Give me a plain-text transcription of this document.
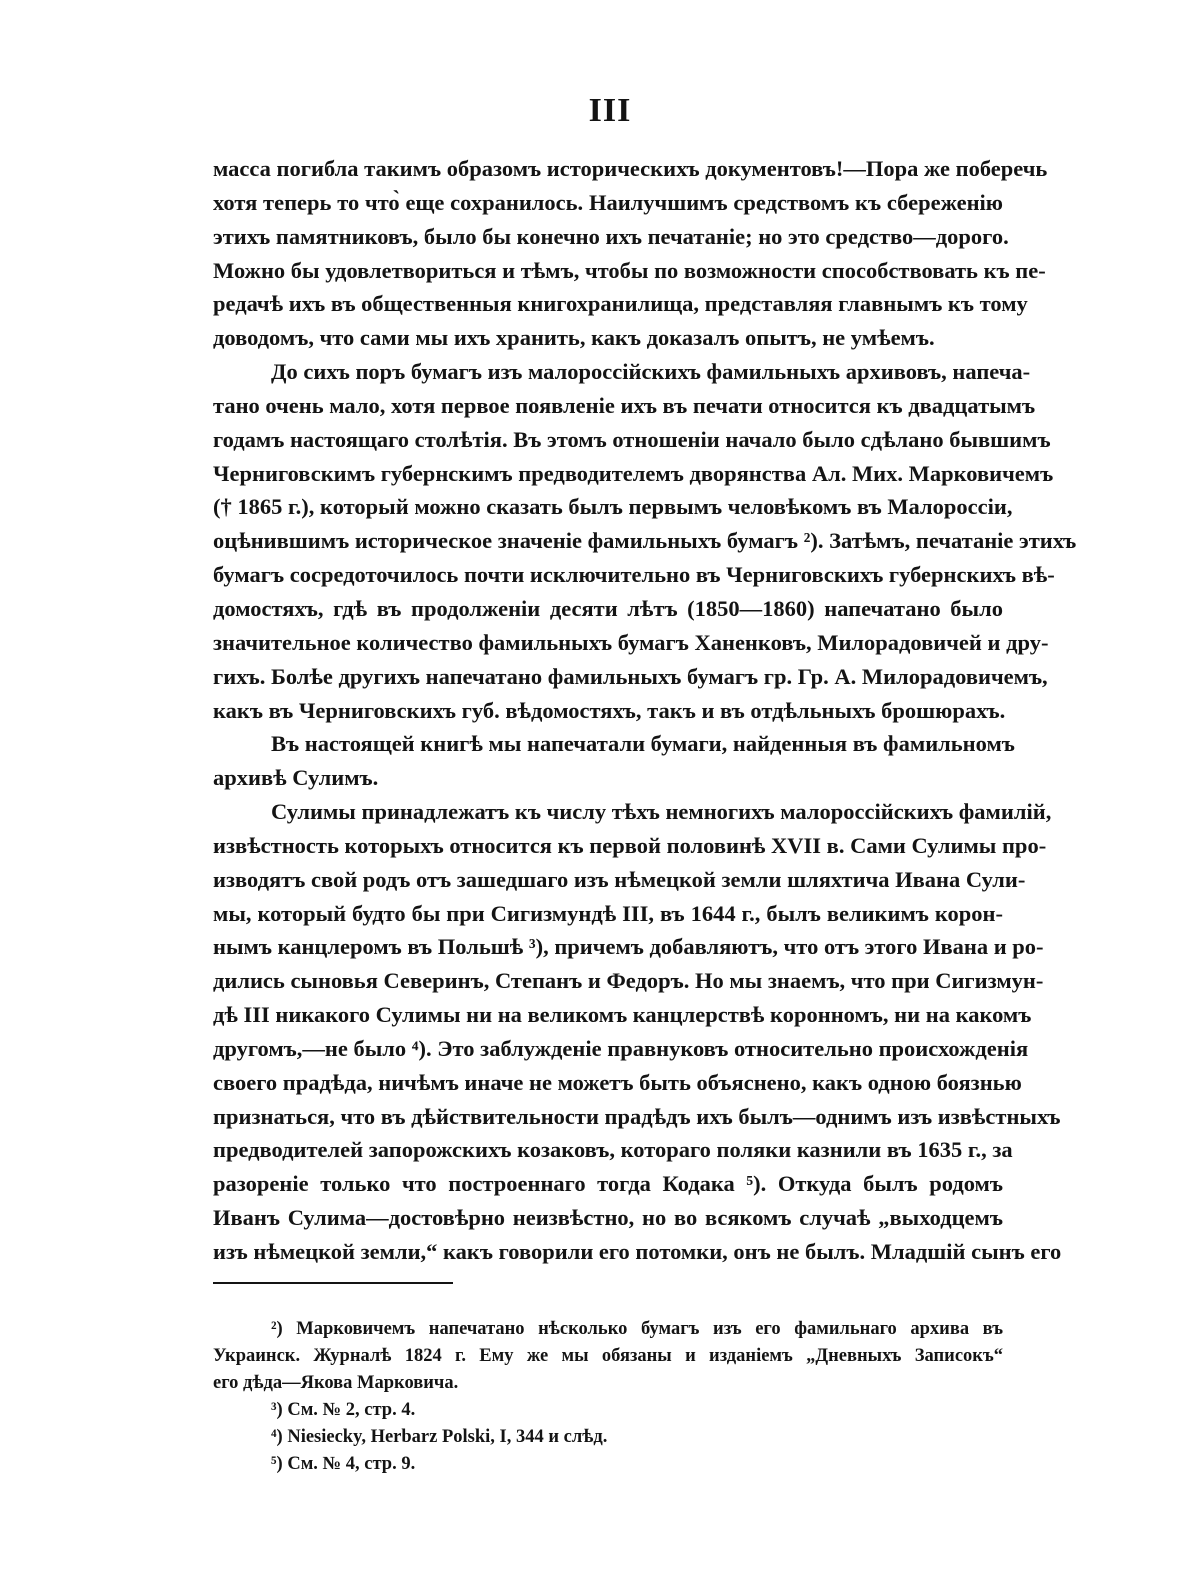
III
масса погибла такимъ образомъ историческихъ документовъ!—Пора же поберечь
хотя теперь то что̀ еще сохранилось. Наилучшимъ средствомъ къ сбереженію
этихъ памятниковъ, было бы конечно ихъ печатаніе; но это средство—дорого.
Можно бы удовлетвориться и тѣмъ, чтобы по возможности способствовать къ пе-
редачѣ ихъ въ общественныя книгохранилища, представляя главнымъ къ тому
доводомъ, что сами мы ихъ хранить, какъ доказалъ опытъ, не умѣемъ.
До сихъ поръ бумагъ изъ малороссійскихъ фамильныхъ архивовъ, напеча-
тано очень мало, хотя первое появленіе ихъ въ печати относится къ двадцатымъ
годамъ настоящаго столѣтія. Въ этомъ отношеніи начало было сдѣлано бывшимъ
Черниговскимъ губернскимъ предводителемъ дворянства Ал. Мих. Марковичемъ
(† 1865 г.), который можно сказать былъ первымъ человѣкомъ въ Малороссіи,
оцѣнившимъ историческое значеніе фамильныхъ бумагъ ²). Затѣмъ, печатаніе этихъ
бумагъ сосредоточилось почти исключительно въ Черниговскихъ губернскихъ вѣ-
домостяхъ, гдѣ въ продолженіи десяти лѣтъ (1850—1860) напечатано было
значительное количество фамильныхъ бумагъ Ханенковъ, Милорадовичей и дру-
гихъ. Болѣе другихъ напечатано фамильныхъ бумагъ гр. Гр. А. Милорадовичемъ,
какъ въ Черниговскихъ губ. вѣдомостяхъ, такъ и въ отдѣльныхъ брошюрахъ.
Въ настоящей книгѣ мы напечатали бумаги, найденныя въ фамильномъ
архивѣ Сулимъ.
Сулимы принадлежатъ къ числу тѣхъ немногихъ малороссійскихъ фамилій,
извѣстность которыхъ относится къ первой половинѣ XVII в. Сами Сулимы про-
изводятъ свой родъ отъ зашедшаго изъ нѣмецкой земли шляхтича Ивана Сули-
мы, который будто бы при Сигизмундѣ III, въ 1644 г., былъ великимъ корон-
нымъ канцлеромъ въ Польшѣ ³), причемъ добавляютъ, что отъ этого Ивана и ро-
дились сыновья Северинъ, Степанъ и Федоръ. Но мы знаемъ, что при Сигизмун-
дѣ III никакого Сулимы ни на великомъ канцлерствѣ коронномъ, ни на какомъ
другомъ,—не было ⁴). Это заблужденіе правнуковъ относительно происхожденія
своего прадѣда, ничѣмъ иначе не можетъ быть объяснено, какъ одною боязнью
признаться, что въ дѣйствительности прадѣдъ ихъ былъ—однимъ изъ извѣстныхъ
предводителей запорожскихъ козаковъ, котораго поляки казнили въ 1635 г., за
разореніе только что построеннаго тогда Кодака ⁵). Откуда былъ родомъ
Иванъ Сулима—достовѣрно неизвѣстно, но во всякомъ случаѣ „выходцемъ
изъ нѣмецкой земли,“ какъ говорили его потомки, онъ не былъ. Младшій сынъ его
²) Марковичемъ напечатано нѣсколько бумагъ изъ его фамильнаго архива въ
Украинск. Журналѣ 1824 г. Ему же мы обязаны и изданіемъ „Дневныхъ Записокъ“
его дѣда—Якова Марковича.
³) См. № 2, стр. 4.
⁴) Niesiecky, Herbarz Polski, I, 344 и слѣд.
⁵) См. № 4, стр. 9.
